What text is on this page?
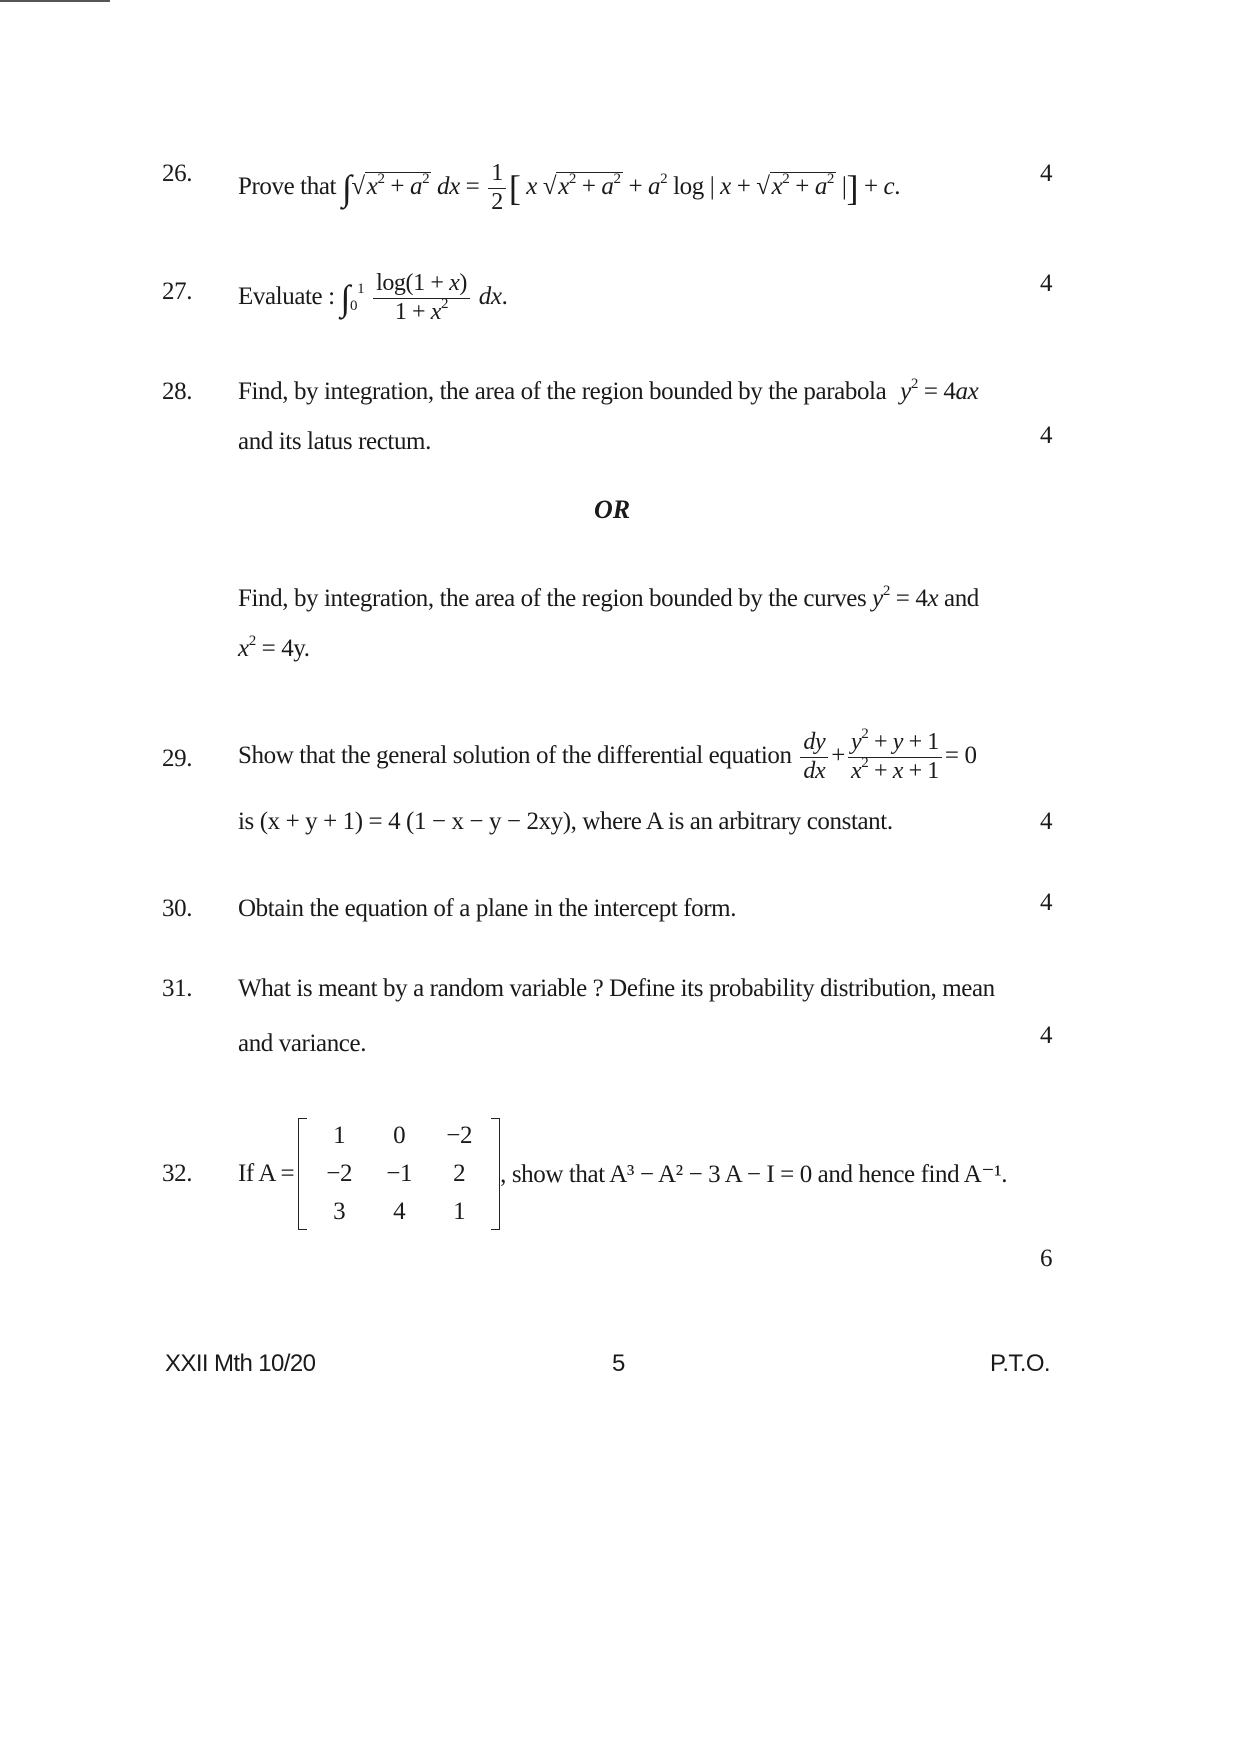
26. Prove that $\int√x^2 + a^2$ dx = $\frac{1}{2}$ [ x $√x^2 + a^2 + a^2$ log | $x + √x^2 + a^2$ |] + c.	4
27. Evaluate : $\int_0^1 \frac{\log(1 + x)}{1 + x^2}$ dx.	4
28. Find, by integration, the area of the region bounded by the parabola $y^2 = 4ax$
and its latus rectum.	4
OR
Find, by integration, the area of the region bounded by the curves $y^2 = 4x$ and
$x^2 = 4y$.
29. Show that the general solution of the differential equation $\frac{dy}{dx} + \frac{y^2 + y + 1}{x^2 + x + 1} = 0$
is (x + y + 1) = 4 (1 − x − y − 2xy), where A is an arbitrary constant.	4
30. Obtain the equation of a plane in the intercept form.	4
31. What is meant by a random variable ? Define its probability distribution, mean
and variance.	4
32. If A =
1	0	−2
−2	−1	2
3	4	1
, show that A³ − A² − 3 A − I = 0 and hence find A⁻¹.
6
XXII Mth 10/20	5	P.T.O.
